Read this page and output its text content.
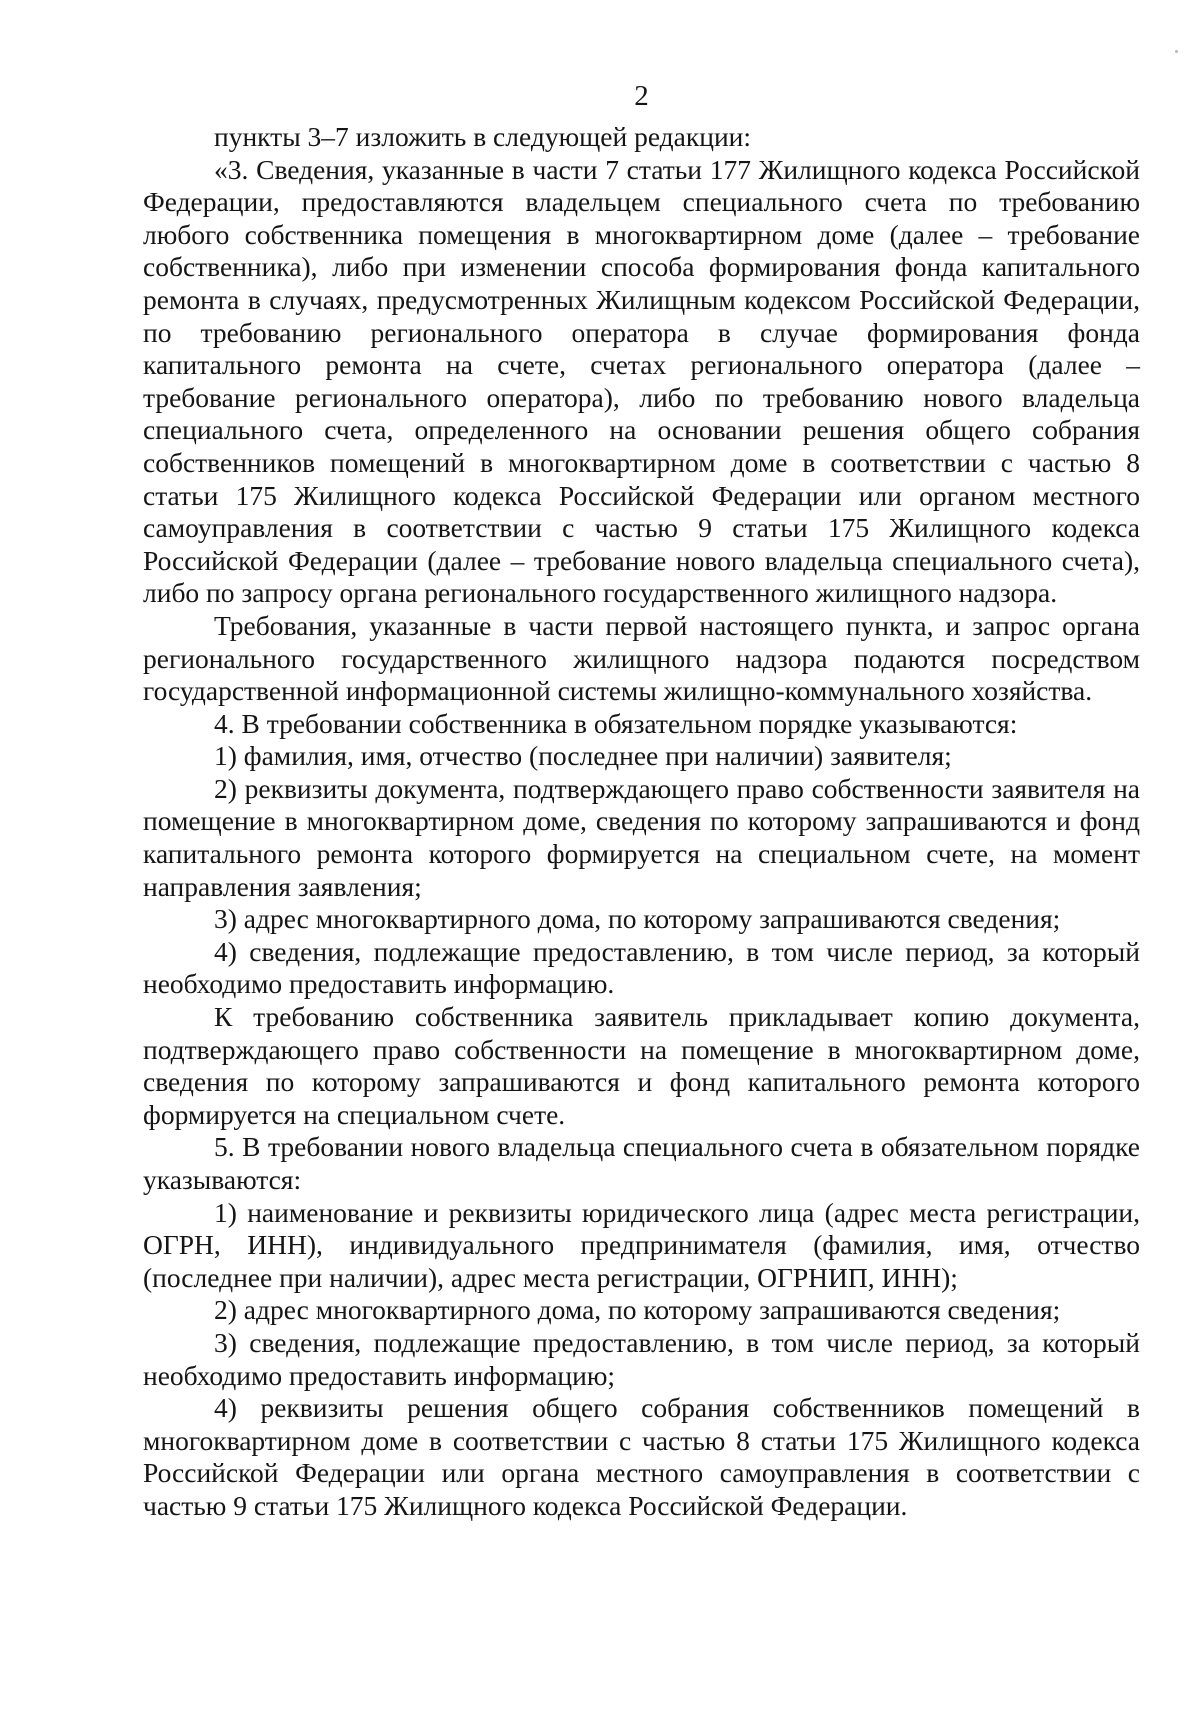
2

пункты 3–7 изложить в следующей редакции:

«3. Сведения, указанные в части 7 статьи 177 Жилищного кодекса Российской Федерации, предоставляются владельцем специального счета по требованию любого собственника помещения в многоквартирном доме (далее – требование собственника), либо при изменении способа формирования фонда капитального ремонта в случаях, предусмотренных Жилищным кодексом Российской Федерации, по требованию регионального оператора в случае формирования фонда капитального ремонта на счете, счетах регионального оператора (далее – требование регионального оператора), либо по требованию нового владельца специального счета, определенного на основании решения общего собрания собственников помещений в многоквартирном доме в соответствии с частью 8 статьи 175 Жилищного кодекса Российской Федерации или органом местного самоуправления в соответствии с частью 9 статьи 175 Жилищного кодекса Российской Федерации (далее – требование нового владельца специального счета), либо по запросу органа регионального государственного жилищного надзора.

Требования, указанные в части первой настоящего пункта, и запрос органа регионального государственного жилищного надзора подаются посредством государственной информационной системы жилищно-коммунального хозяйства.

4. В требовании собственника в обязательном порядке указываются:

1) фамилия, имя, отчество (последнее при наличии) заявителя;

2) реквизиты документа, подтверждающего право собственности заявителя на помещение в многоквартирном доме, сведения по которому запрашиваются и фонд капитального ремонта которого формируется на специальном счете, на момент направления заявления;

3) адрес многоквартирного дома, по которому запрашиваются сведения;

4) сведения, подлежащие предоставлению, в том числе период, за который необходимо предоставить информацию.

К требованию собственника заявитель прикладывает копию документа, подтверждающего право собственности на помещение в многоквартирном доме, сведения по которому запрашиваются и фонд капитального ремонта которого формируется на специальном счете.

5. В требовании нового владельца специального счета в обязательном порядке указываются:

1) наименование и реквизиты юридического лица (адрес места регистрации, ОГРН, ИНН), индивидуального предпринимателя (фамилия, имя, отчество (последнее при наличии), адрес места регистрации, ОГРНИП, ИНН);

2) адрес многоквартирного дома, по которому запрашиваются сведения;

3) сведения, подлежащие предоставлению, в том числе период, за который необходимо предоставить информацию;

4) реквизиты решения общего собрания собственников помещений в многоквартирном доме в соответствии с частью 8 статьи 175 Жилищного кодекса Российской Федерации или органа местного самоуправления в соответствии с частью 9 статьи 175 Жилищного кодекса Российской Федерации.
